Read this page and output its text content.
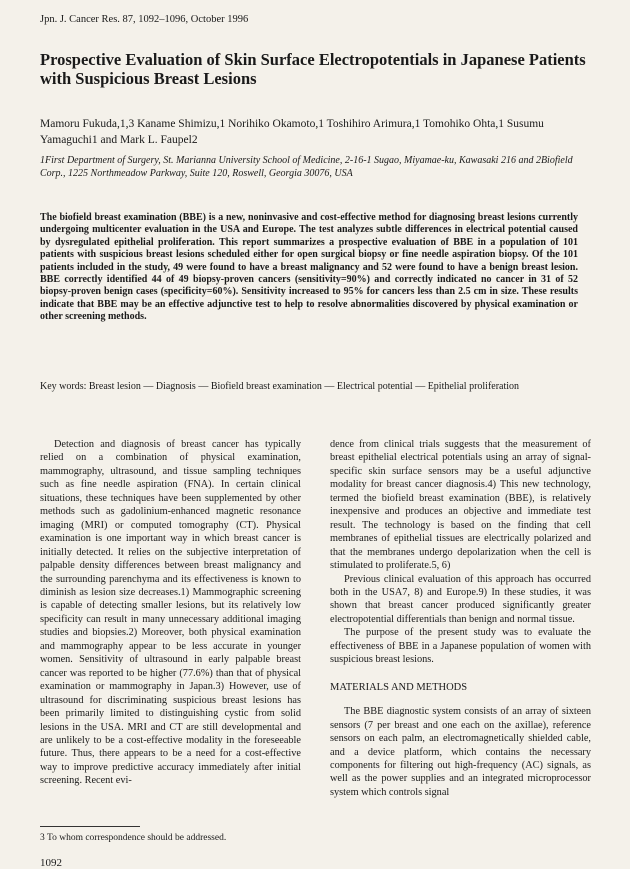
Jpn. J. Cancer Res. 87, 1092–1096, October 1996
Prospective Evaluation of Skin Surface Electropotentials in Japanese Patients with Suspicious Breast Lesions
Mamoru Fukuda,1,3 Kaname Shimizu,1 Norihiko Okamoto,1 Toshihiro Arimura,1 Tomohiko Ohta,1 Susumu Yamaguchi1 and Mark L. Faupel2
1First Department of Surgery, St. Marianna University School of Medicine, 2-16-1 Sugao, Miyamae-ku, Kawasaki 216 and 2Biofield Corp., 1225 Northmeadow Parkway, Suite 120, Roswell, Georgia 30076, USA
The biofield breast examination (BBE) is a new, noninvasive and cost-effective method for diagnosing breast lesions currently undergoing multicenter evaluation in the USA and Europe. The test analyzes subtle differences in electrical potential caused by dysregulated epithelial proliferation. This report summarizes a prospective evaluation of BBE in a population of 101 patients with suspicious breast lesions scheduled either for open surgical biopsy or fine needle aspiration biopsy. Of the 101 patients included in the study, 49 were found to have a breast malignancy and 52 were found to have a benign breast lesion. BBE correctly identified 44 of 49 biopsy-proven cancers (sensitivity=90%) and correctly indicated no cancer in 31 of 52 biopsy-proven benign cases (specificity=60%). Sensitivity increased to 95% for cancers less than 2.5 cm in size. These results indicate that BBE may be an effective adjunctive test to help to resolve abnormalities discovered by physical examination or other screening methods.
Key words: Breast lesion — Diagnosis — Biofield breast examination — Electrical potential — Epithelial proliferation

Detection and diagnosis of breast cancer has typically relied on a combination of physical examination, mammography, ultrasound, and tissue sampling techniques such as fine needle aspiration (FNA). In certain clinical situations, these techniques have been supplemented by other methods such as gadolinium-enhanced magnetic resonance imaging (MRI) or computed tomography (CT). Physical examination is one important way in which breast cancer is initially detected. It relies on the subjective interpretation of palpable density differences between breast malignancy and the surrounding parenchyma and its effectiveness is known to diminish as lesion size decreases.1) Mammographic screening is capable of detecting smaller lesions, but its relatively low specificity can result in many unnecessary additional imaging studies and biopsies.2) Moreover, both physical examination and mammography appear to be less accurate in younger women. Sensitivity of ultrasound in early palpable breast cancer was reported to be higher (77.6%) than that of physical examination or mammography in Japan.3) However, use of ultrasound for discriminating suspicious breast lesions has been primarily limited to distinguishing cystic from solid lesions in the USA. MRI and CT are still developmental and are unlikely to be a cost-effective modality in the foreseeable future. Thus, there appears to be a need for a cost-effective way to improve predictive accuracy immediately after initial screening. Recent evi-

dence from clinical trials suggests that the measurement of breast epithelial electrical potentials using an array of signal-specific skin surface sensors may be a useful adjunctive modality for breast cancer diagnosis.4) This new technology, termed the biofield breast examination (BBE), is relatively inexpensive and produces an objective and immediate test result. The technology is based on the finding that cell membranes of epithelial tissues are electrically polarized and that the membranes undergo depolarization when the cell is stimulated to proliferate.5, 6)

Previous clinical evaluation of this approach has occurred both in the USA7, 8) and Europe.9) In these studies, it was shown that breast cancer produced significantly greater electropotential differentials than benign and normal tissue.

The purpose of the present study was to evaluate the effectiveness of BBE in a Japanese population of women with suspicious breast lesions.

MATERIALS AND METHODS

The BBE diagnostic system consists of an array of sixteen sensors (7 per breast and one each on the axillae), reference sensors on each palm, an electromagnetically shielded cable, and a device platform, which contains the necessary components for filtering out high-frequency (AC) signals, as well as the power supplies and an integrated microprocessor system which controls signal

3 To whom correspondence should be addressed.
1092
